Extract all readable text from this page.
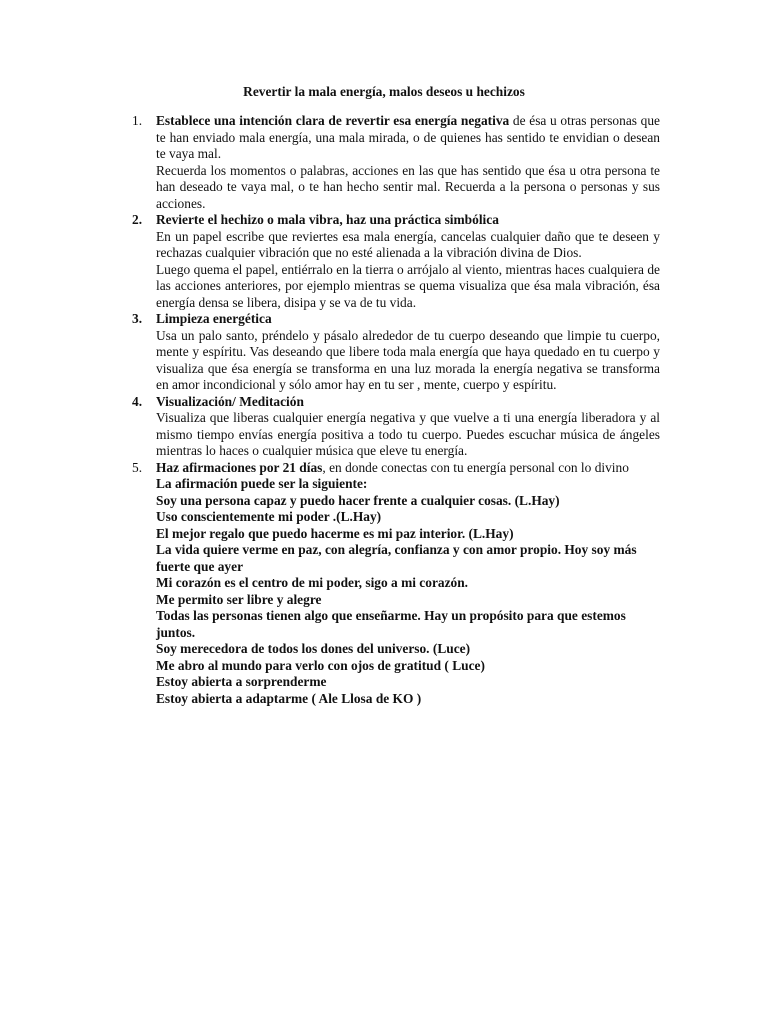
Revertir la mala energía, malos deseos u hechizos
1. Establece una intención clara de revertir esa energía negativa de ésa u otras personas que te han enviado mala energía, una mala mirada, o de quienes has sentido te envidian o desean te vaya mal.

Recuerda los momentos o palabras, acciones en las que has sentido que ésa u otra persona te han deseado te vaya mal, o te han hecho sentir mal. Recuerda a la persona o personas y sus acciones.

2. Revierte el hechizo o mala vibra, haz una práctica simbólica

En un papel escribe que reviertes esa mala energía, cancelas cualquier daño que te deseen y rechazas cualquier vibración que no esté alienada a la vibración divina de Dios.

Luego quema el papel, entiérralo en la tierra o arrójalo al viento, mientras haces cualquiera de las acciones anteriores, por ejemplo mientras se quema visualiza que ésa mala vibración, ésa energía densa se libera, disipa y se va de tu vida.

3. Limpieza energética

Usa un palo santo, préndelo y pásalo alrededor de tu cuerpo deseando que limpie tu cuerpo, mente y espíritu. Vas deseando que libere toda mala energía que haya quedado en tu cuerpo y visualiza que ésa energía se transforma en una luz morada la energía negativa se transforma en amor incondicional y sólo amor hay en tu ser , mente, cuerpo y espíritu.

4. Visualización/ Meditación

Visualiza que liberas cualquier energía negativa y que vuelve a ti una energía liberadora y al mismo tiempo envías energía positiva a todo tu cuerpo. Puedes escuchar música de ángeles mientras lo haces o cualquier música que eleve tu energía.

5. Haz afirmaciones por 21 días, en donde conectas con tu energía personal con lo divino

La afirmación puede ser la siguiente:

Soy una persona capaz y puedo hacer frente a cualquier cosas. (L.Hay)

Uso conscientemente mi poder .(L.Hay)

El mejor regalo que puedo hacerme es mi paz interior. (L.Hay)

La vida quiere verme en paz, con alegría, confianza y con amor propio. Hoy soy más fuerte que ayer

Mi corazón es el centro de mi poder, sigo a mi corazón.

Me permito ser libre y alegre

Todas las personas tienen algo que enseñarme. Hay un propósito para que estemos juntos.

Soy merecedora de todos los dones del universo. (Luce)

Me abro al mundo para verlo con ojos de gratitud ( Luce)

Estoy abierta a sorprenderme

Estoy abierta a adaptarme ( Ale Llosa de KO )
